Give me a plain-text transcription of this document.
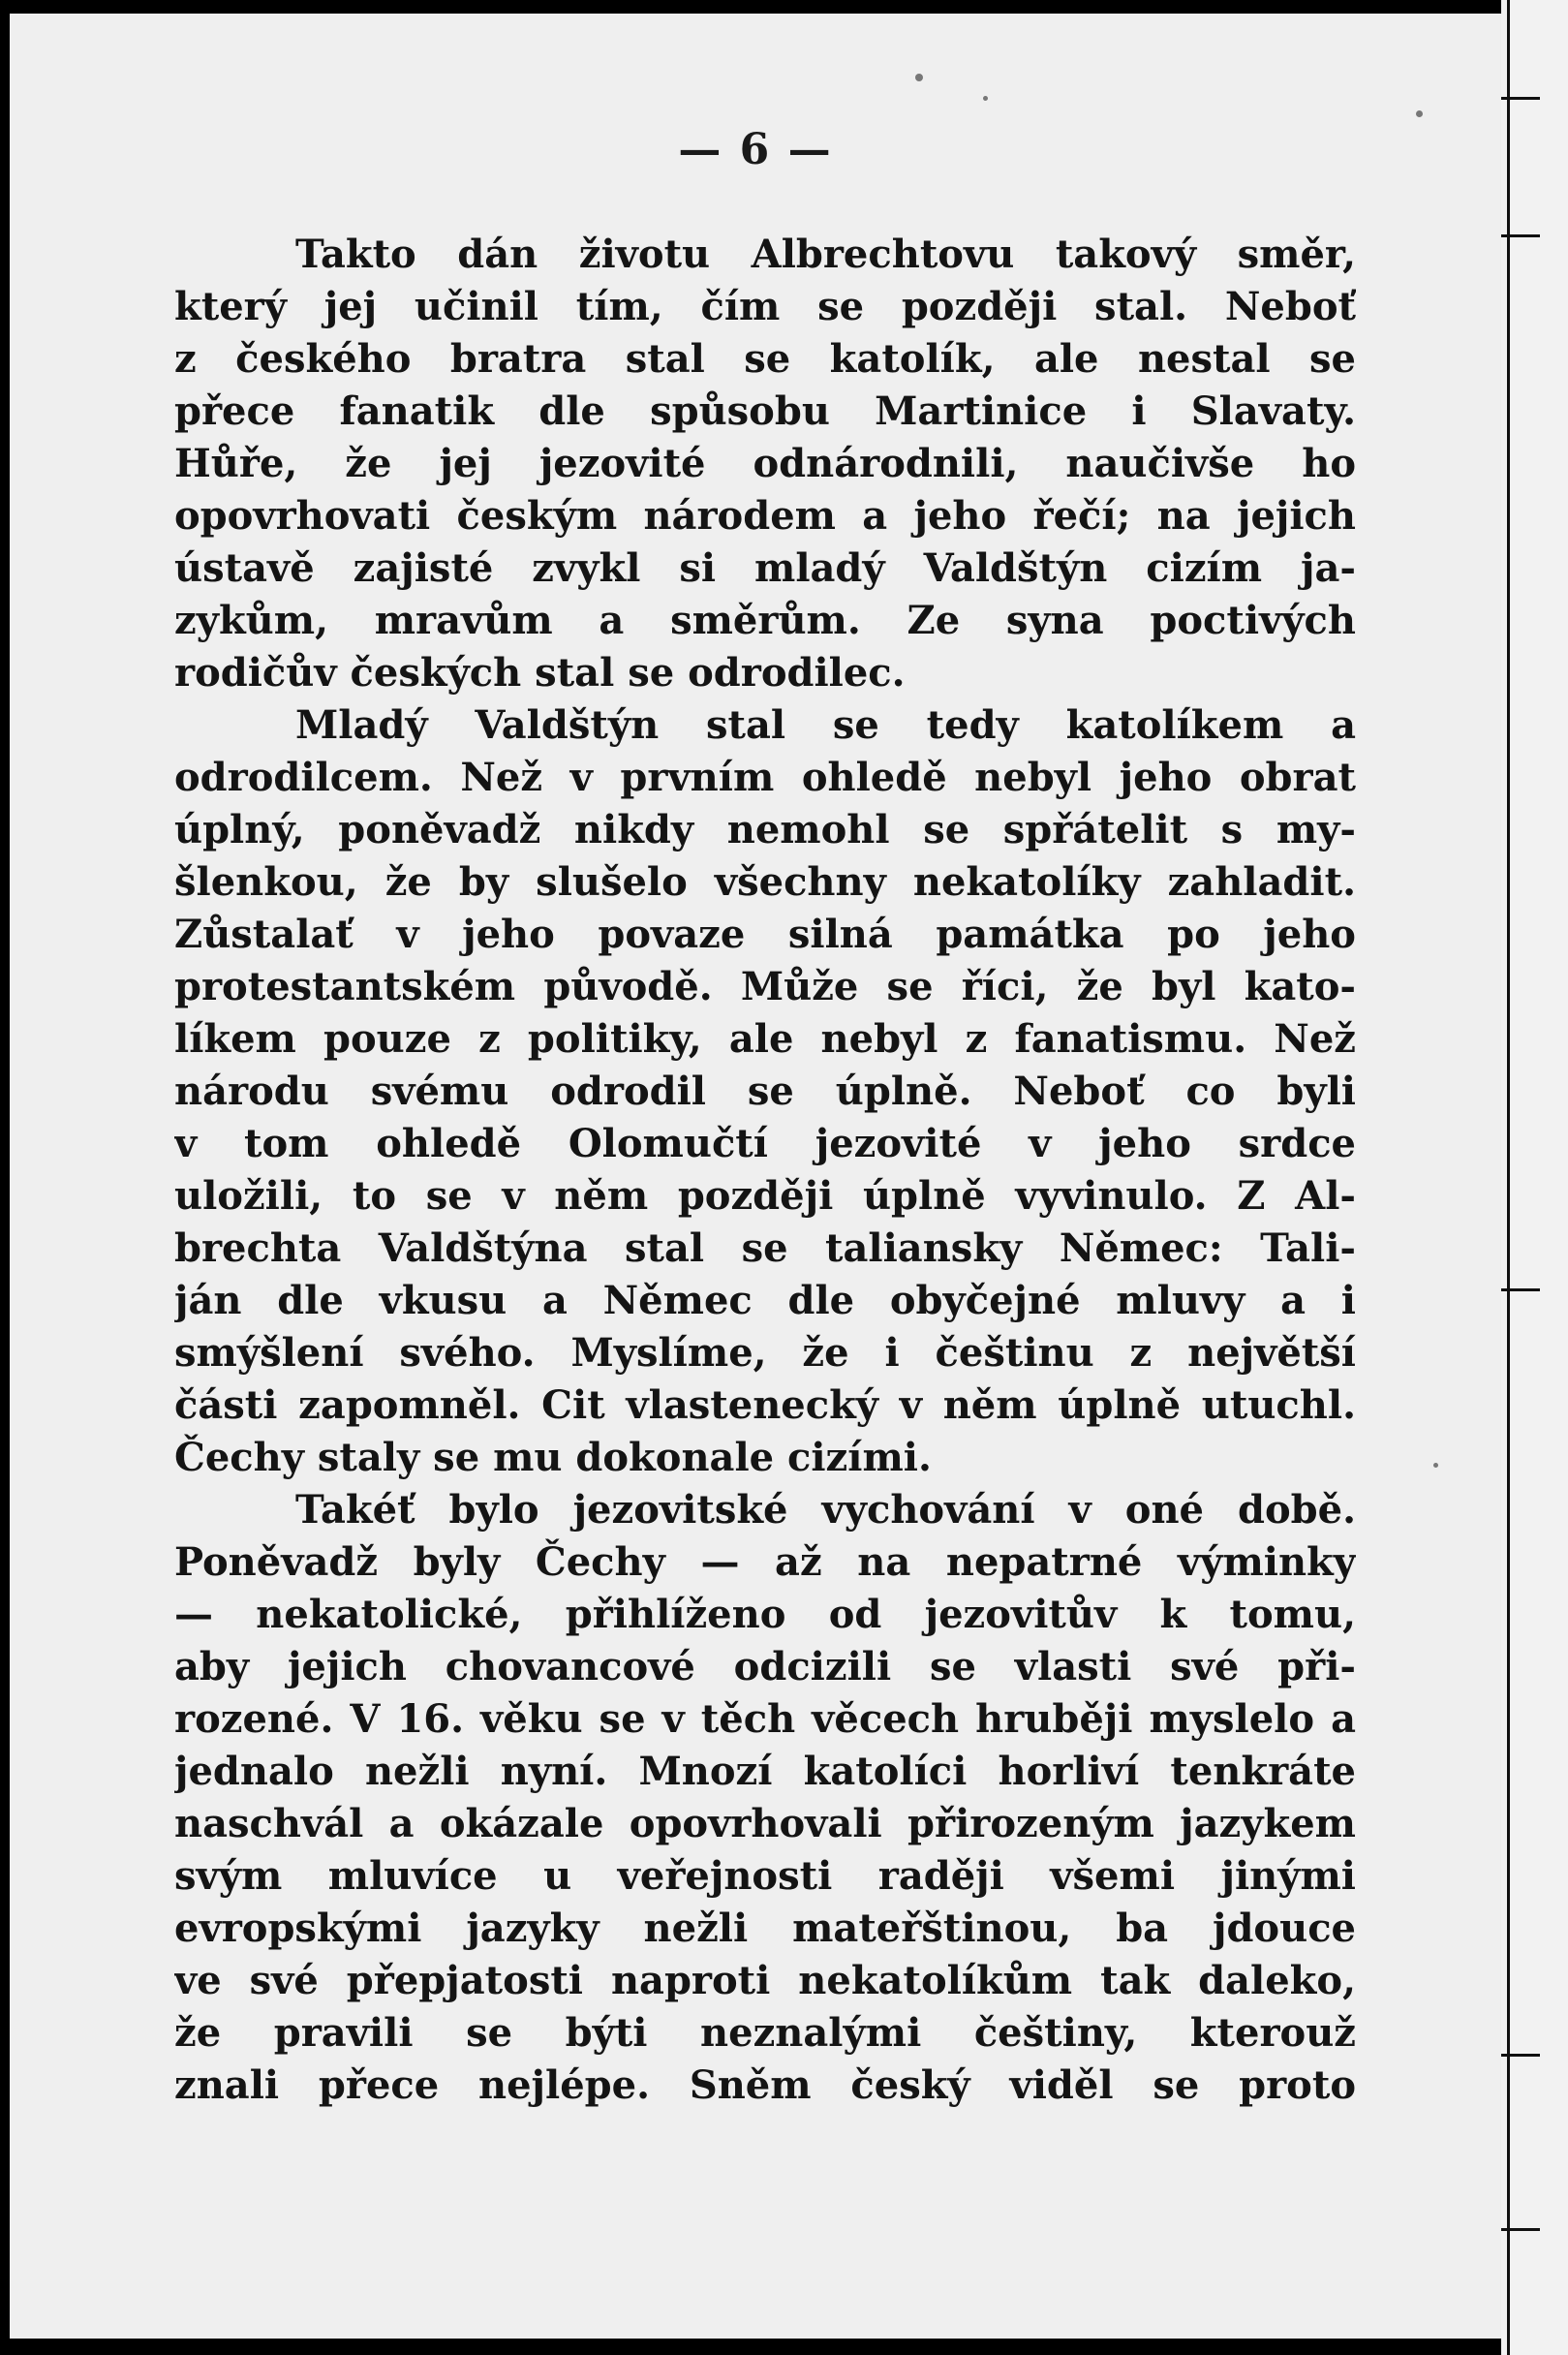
— 6 —
Takto dán životu Albrechtovu takový směr,
který jej učinil tím, čím se později stal. Neboť
z českého bratra stal se katolík, ale nestal se
přece fanatik dle spůsobu Martinice i Slavaty.
Hůře, že jej jezovité odnárodnili, naučivše ho
opovrhovati českým národem a jeho řečí; na jejich
ústavě zajisté zvykl si mladý Valdštýn cizím ja-
zykům, mravům a směrům. Ze syna poctivých
rodičův českých stal se odrodilec.
Mladý Valdštýn stal se tedy katolíkem a
odrodilcem. Než v prvním ohledě nebyl jeho obrat
úplný, poněvadž nikdy nemohl se spřátelit s my-
šlenkou, že by slušelo všechny nekatolíky zahladit.
Zůstalať v jeho povaze silná památka po jeho
protestantském původě. Může se říci, že byl kato-
líkem pouze z politiky, ale nebyl z fanatismu. Než
národu svému odrodil se úplně. Neboť co byli
v tom ohledě Olomučtí jezovité v jeho srdce
uložili, to se v něm později úplně vyvinulo. Z Al-
brechta Valdštýna stal se taliansky Němec: Tali-
ján dle vkusu a Němec dle obyčejné mluvy a i
smýšlení svého. Myslíme, že i češtinu z největší
části zapomněl. Cit vlastenecký v něm úplně utuchl.
Čechy staly se mu dokonale cizími.
Takéť bylo jezovitské vychování v oné době.
Poněvadž byly Čechy — až na nepatrné výminky
— nekatolické, přihlíženo od jezovitův k tomu,
aby jejich chovancové odcizili se vlasti své při-
rozené. V 16. věku se v těch věcech hruběji myslelo a
jednalo nežli nyní. Mnozí katolíci horliví tenkráte
naschvál a okázale opovrhovali přirozeným jazykem
svým mluvíce u veřejnosti raději všemi jinými
evropskými jazyky nežli mateřštinou, ba jdouce
ve své přepjatosti naproti nekatolíkům tak daleko,
že pravili se býti neznalými češtiny, kterouž
znali přece nejlépe. Sněm český viděl se proto
